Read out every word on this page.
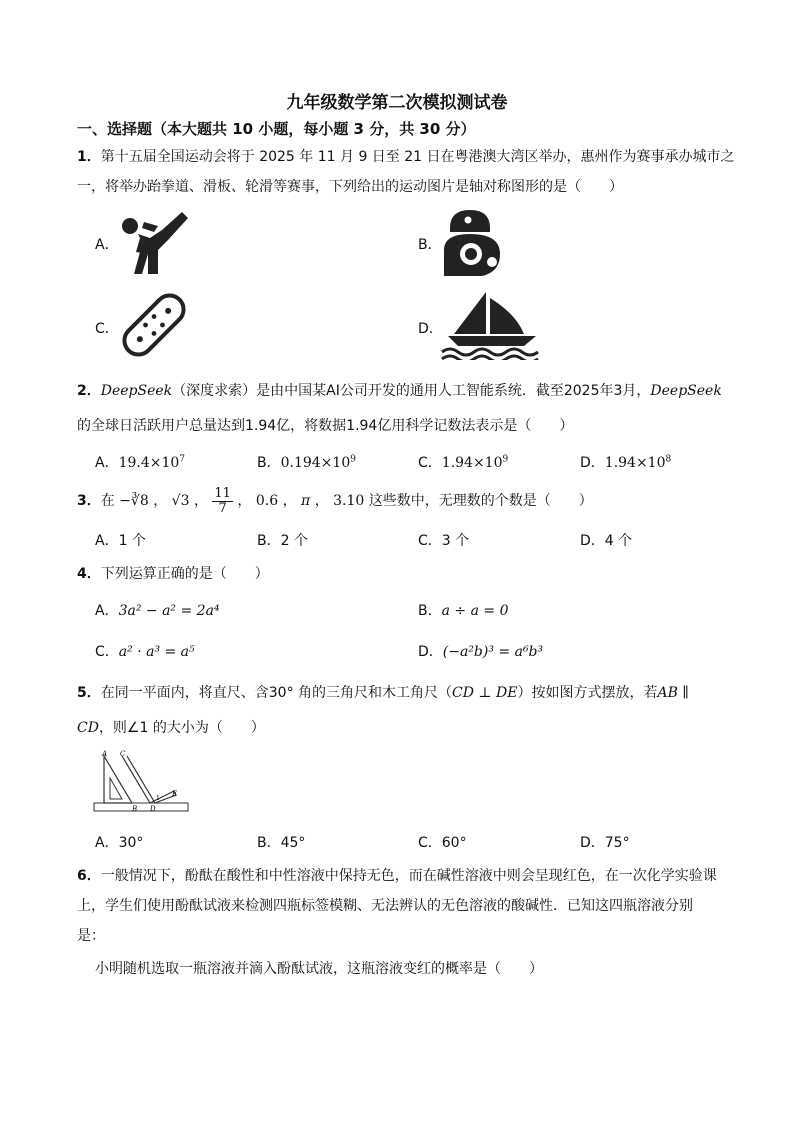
九年级数学第二次模拟测试卷
一、选择题（本大题共 10 小题，每小题 3 分，共 30 分）
1．第十五届全国运动会将于 2025 年 11 月 9 日至 21 日在粤港澳大湾区举办，惠州作为赛事承办城市之
一，将举办跆拳道、滑板、轮滑等赛事，下列给出的运动图片是轴对称图形的是（　　）
A．	B．
C．	D．
2．DeepSeek（深度求索）是由中国某AI公司开发的通用人工智能系统．截至2025年3月，DeepSeek
的全球日活跃用户总量达到1.94亿，将数据1.94亿用科学记数法表示是（　　）
A．$19.4\times 10^7$	B．$0.194\times 10^9$	C．$1.94\times 10^9$	D．$1.94\times 10^8$
3．在 −∛8 ， √3 ， $\frac{11}{7}$ ， 0.6 ， π ， 3.10 这些数中，无理数的个数是（　　）
A．1 个	B．2 个	C．3 个	D．4 个
4．下列运算正确的是（　　）
A．3a² − a² = 2a⁴	B．a ÷ a = 0
C．a² · a³ = a⁵	D．(−a²b)³ = a⁶b³
5．在同一平面内，将直尺、含30° 角的三角尺和木工角尺（CD ⊥ DE）按如图方式摆放，若AB ∥
CD，则∠1 的大小为（　　）
A C
E
B D
1
A．30°	B．45°	C．60°	D．75°
6．一般情况下，酚酞在酸性和中性溶液中保持无色，而在碱性溶液中则会呈现红色，在一次化学实验课
上，学生们使用酚酞试液来检测四瓶标签模糊、无法辨认的无色溶液的酸碱性．已知这四瓶溶液分别
是：
小明随机选取一瓶溶液并滴入酚酞试液，这瓶溶液变红的概率是（　　）
